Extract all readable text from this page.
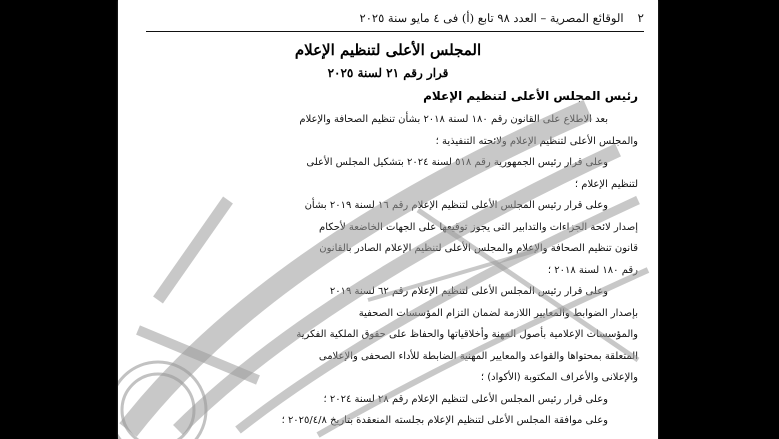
٢
الوقائع المصرية – العدد ٩٨ تابع (أ) فى ٤ مايو سنة ٢٠٢٥
المجلس الأعلى لتنظيم الإعلام
قرار رقم ٢١ لسنة ٢٠٢٥
رئيس المجلس الأعلى لتنظيم الإعلام
بعد الاطلاع على القانون رقم ١٨٠ لسنة ٢٠١٨ بشأن تنظيم الصحافة والإعلام
والمجلس الأعلى لتنظيم الإعلام ولائحته التنفيذية ؛
وعلى قرار رئيس الجمهورية رقم ٥١٨ لسنة ٢٠٢٤ بتشكيل المجلس الأعلى
لتنظيم الإعلام ؛
وعلى قرار رئيس المجلس الأعلى لتنظيم الإعلام رقم ١٦ لسنة ٢٠١٩ بشأن
إصدار لائحة الجزاءات والتدابير التى يجوز توقيعها على الجهات الخاضعة لأحكام
قانون تنظيم الصحافة والإعلام والمجلس الأعلى لتنظيم الإعلام الصادر بالقانون
رقم ١٨٠ لسنة ٢٠١٨ ؛
وعلى قرار رئيس المجلس الأعلى لتنظيم الإعلام رقم ٦٢ لسنة ٢٠١٩
بإصدار الضوابط والمعايير اللازمة لضمان التزام المؤسسات الصحفية
والمؤسسات الإعلامية بأصول المهنة وأخلاقياتها والحفاظ على حقوق الملكية الفكرية
المتعلقة بمحتواها والقواعد والمعايير المهنية الضابطة للأداء الصحفى والإعلامى
والإعلانى والأعراف المكتوبة (الأكواد) ؛
وعلى قرار رئيس المجلس الأعلى لتنظيم الإعلام رقم ٢٨ لسنة ٢٠٢٤ ؛
وعلى موافقة المجلس الأعلى لتنظيم الإعلام بجلسته المنعقدة بتاريخ ٢٠٢٥/٤/٨ ؛
